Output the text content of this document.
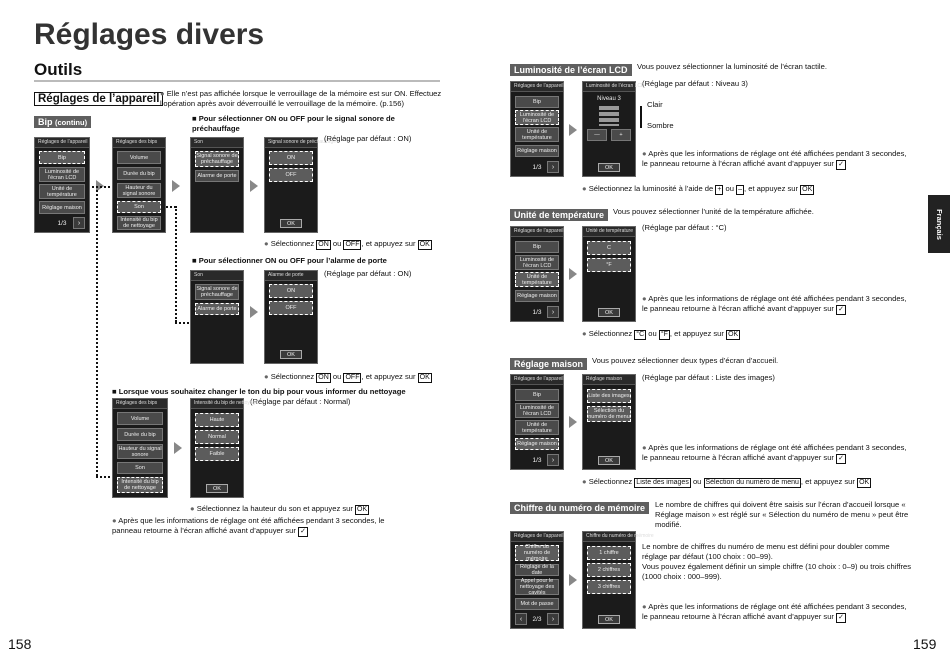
Réglages divers
Outils
Réglages de l’appareil
● Elle n’est pas affichée lorsque le verrouillage de la mémoire est sur ON. Effectuez l’opération après avoir déverrouillé le verrouillage de la mémoire. (p.156)
Bip (continu)
Réglages de l’appareil
Bip
Luminosité de l’écran LCD
Unité de température
Réglage maison
1/3	›
Réglages des bips
Volume
Durée du bip
Hauteur du signal sonore
Son
Intensité du bip de nettoyage
Son
Signal sonore de préchauffage
Alarme de porte
Signal sonore de préchauffage
ON
OFF
OK
■ Pour sélectionner ON ou OFF pour le signal sonore de préchauffage
(Réglage par défaut : ON)
● Sélectionnez ON ou OFF , et appuyez sur OK
■ Pour sélectionner ON ou OFF pour l’alarme de porte
(Réglage par défaut : ON)
Son
Signal sonore de préchauffage
Alarme de porte
Alarme de porte
ON
OFF
OK
● Sélectionnez ON ou OFF , et appuyez sur OK
■ Lorsque vous souhaitez changer le ton du bip pour vous informer du nettoyage
(Réglage par défaut : Normal)
Réglages des bips
Volume
Durée du bip
Hauteur du signal sonore
Son
Intensité du bip de nettoyage
Intensité du bip de nettoyage
Haute
Normal
Faible
OK
● Sélectionnez la hauteur du son et appuyez sur OK
● Après que les informations de réglage ont été affichées pendant 3 secondes, le panneau retourne à l’écran affiché avant d’appuyer sur ✓
158
Luminosité de l’écran LCD	Vous pouvez sélectionner la luminosité de l’écran tactile.
(Réglage par défaut : Niveau 3)
Réglages de l’appareil
Bip
Luminosité de l’écran LCD
Unité de température
Réglage maison
1/3	›
Luminosité de l’écran LCD
Niveau 3
—	+
OK
Clair
Sombre
● Après que les informations de réglage ont été affichées pendant 3 secondes, le panneau retourne à l’écran affiché avant d’appuyer sur ✓
● Sélectionnez la luminosité à l’aide de + ou – , et appuyez sur OK
Unité de température	Vous pouvez sélectionner l’unité de la température affichée.
(Réglage par défaut : °C)
Réglages de l’appareil
Bip
Luminosité de l’écran LCD
Unité de température
Réglage maison
1/3	›
Unité de température
C
°F
OK
● Après que les informations de réglage ont été affichées pendant 3 secondes, le panneau retourne à l’écran affiché avant d’appuyer sur ✓
● Sélectionnez °C ou °F , et appuyez sur OK
Réglage maison	Vous pouvez sélectionner deux types d’écran d’accueil.
(Réglage par défaut : Liste des images)
Réglages de l’appareil
Bip
Luminosité de l’écran LCD
Unité de température
Réglage maison
1/3	›
Réglage maison
Liste des images
Sélection du numéro de menu
OK
● Après que les informations de réglage ont été affichées pendant 3 secondes, le panneau retourne à l’écran affiché avant d’appuyer sur ✓
● Sélectionnez Liste des images ou Sélection du numéro de menu , et appuyez sur OK
Chiffre du numéro de mémoire	Le nombre de chiffres qui doivent être saisis sur l’écran d’accueil lorsque « Réglage maison » est réglé sur « Sélection du numéro de menu » peut être modifié.
Réglages de l’appareil
Chiffre du numéro de mémoire
Réglage de la date
Appel pour le nettoyage des cavités
Mot de passe
‹	2/3	›
Chiffre du numéro de mémoire
1 chiffre
2 chiffres
3 chiffres
OK
Le nombre de chiffres du numéro de menu est défini pour doubler comme réglage par défaut (100 choix : 00–99).
Vous pouvez également définir un simple chiffre (10 choix : 0–9) ou trois chiffres (1000 choix : 000–999).
● Après que les informations de réglage ont été affichées pendant 3 secondes, le panneau retourne à l’écran affiché avant d’appuyer sur ✓
Français
159
